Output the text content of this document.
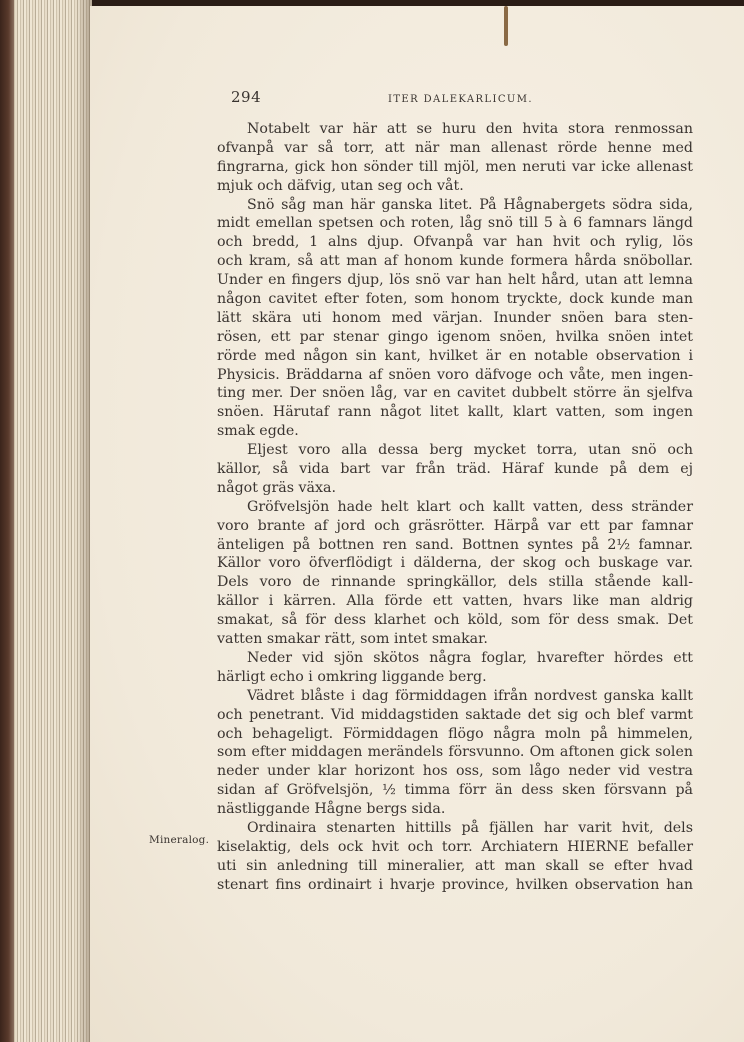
294	ITER DALEKARLICUM.
Mineralog.
Notabelt var här att se huru den hvita stora renmossan
ofvanpå var så torr, att när man allenast rörde henne med
fingrarna, gick hon sönder till mjöl, men neruti var icke allenast
mjuk och däfvig, utan seg och våt.
Snö såg man här ganska litet. På Hågnabergets södra sida,
midt emellan spetsen och roten, låg snö till 5 à 6 famnars längd
och bredd, 1 alns djup. Ofvanpå var han hvit och rylig, lös
och kram, så att man af honom kunde formera hårda snöbollar.
Under en fingers djup, lös snö var han helt hård, utan att lemna
någon cavitet efter foten, som honom tryckte, dock kunde man
lätt skära uti honom med värjan. Inunder snöen bara sten-
rösen, ett par stenar gingo igenom snöen, hvilka snöen intet
rörde med någon sin kant, hvilket är en notable observation i
Physicis. Bräddarna af snöen voro däfvoge och våte, men ingen-
ting mer. Der snöen låg, var en cavitet dubbelt större än sjelfva
snöen. Härutaf rann något litet kallt, klart vatten, som ingen
smak egde.
Eljest voro alla dessa berg mycket torra, utan snö och
källor, så vida bart var från träd. Häraf kunde på dem ej
något gräs växa.
Gröfvelsjön hade helt klart och kallt vatten, dess stränder
voro brante af jord och gräsrötter. Härpå var ett par famnar
änteligen på bottnen ren sand. Bottnen syntes på 2½ famnar.
Källor voro öfverflödigt i dälderna, der skog och buskage var.
Dels voro de rinnande springkällor, dels stilla stående kall-
källor i kärren. Alla förde ett vatten, hvars like man aldrig
smakat, så för dess klarhet och köld, som för dess smak. Det
vatten smakar rätt, som intet smakar.
Neder vid sjön skötos några foglar, hvarefter hördes ett
härligt echo i omkring liggande berg.
Vädret blåste i dag förmiddagen ifrån nordvest ganska kallt
och penetrant. Vid middagstiden saktade det sig och blef varmt
och behageligt. Förmiddagen flögo några moln på himmelen,
som efter middagen merändels försvunno. Om aftonen gick solen
neder under klar horizont hos oss, som lågo neder vid vestra
sidan af Gröfvelsjön, ½ timma förr än dess sken försvann på
nästliggande Hågne bergs sida.
Ordinaira stenarten hittills på fjällen har varit hvit, dels
kiselaktig, dels ock hvit och torr. Archiatern HIERNE befaller
uti sin anledning till mineralier, att man skall se efter hvad
stenart fins ordinairt i hvarje province, hvilken observation han
